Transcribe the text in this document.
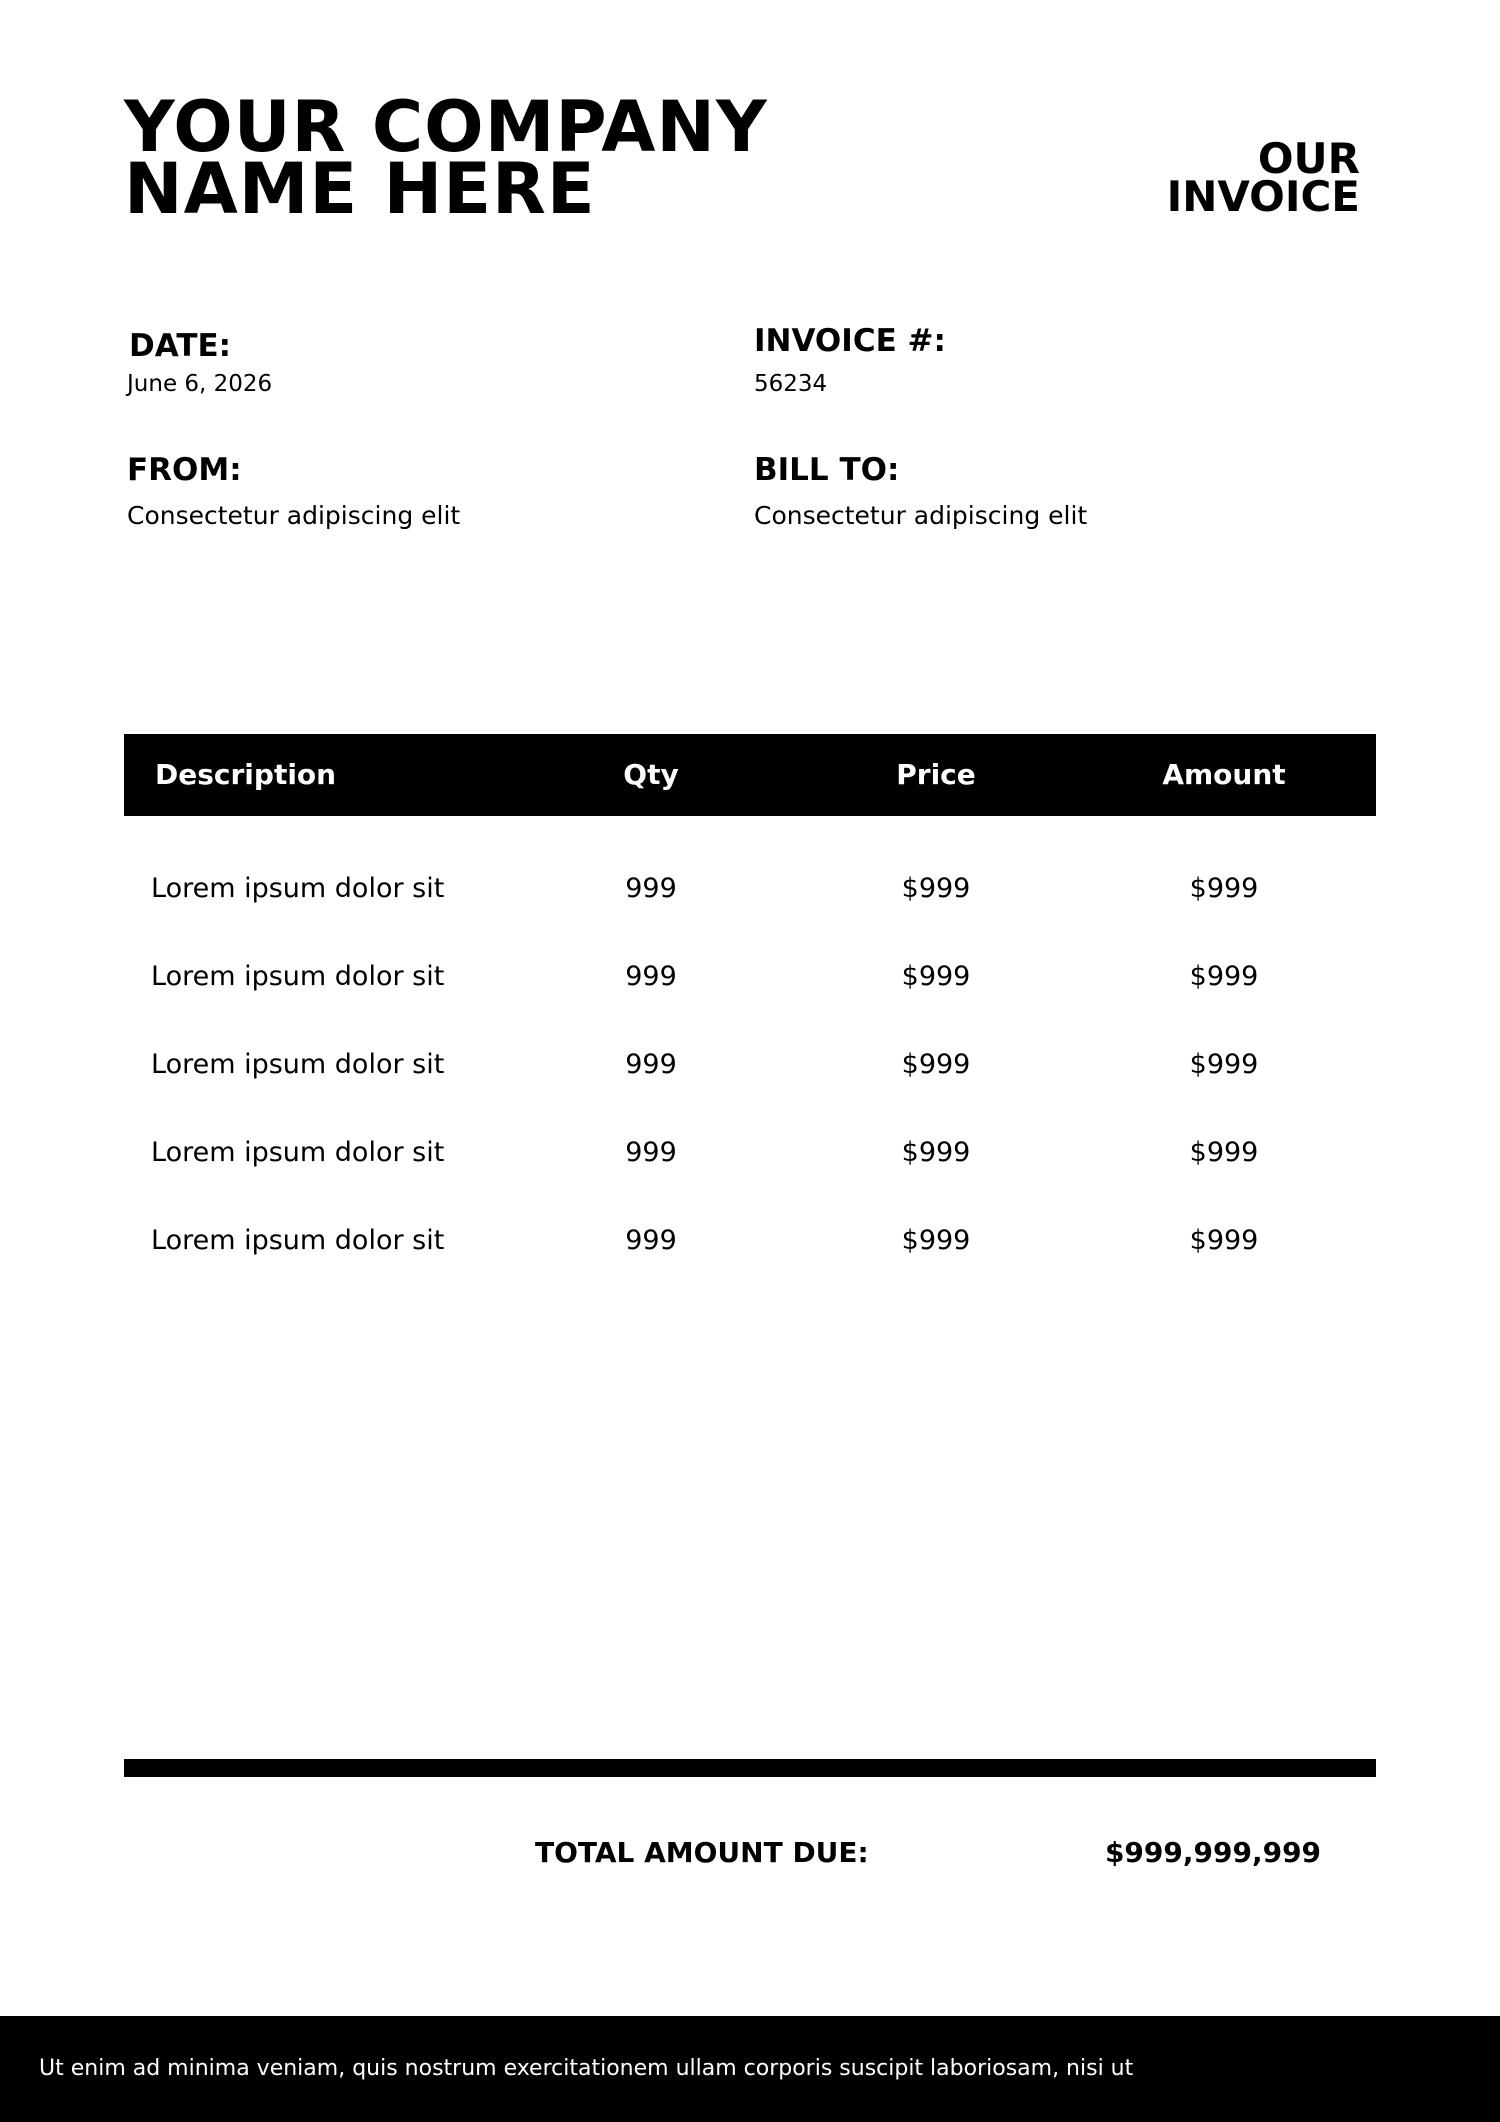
YOUR COMPANY
NAME HERE	OUR
INVOICE
DATE:
June 6, 2026
INVOICE #:
56234
FROM:
Consectetur adipiscing elit
BILL TO:
Consectetur adipiscing elit
Description	Qty	Price	Amount
Lorem ipsum dolor sit	999	$999	$999
Lorem ipsum dolor sit	999	$999	$999
Lorem ipsum dolor sit	999	$999	$999
Lorem ipsum dolor sit	999	$999	$999
Lorem ipsum dolor sit	999	$999	$999
TOTAL AMOUNT DUE:	$999,999,999
Ut enim ad minima veniam, quis nostrum exercitationem ullam corporis suscipit laboriosam, nisi ut
